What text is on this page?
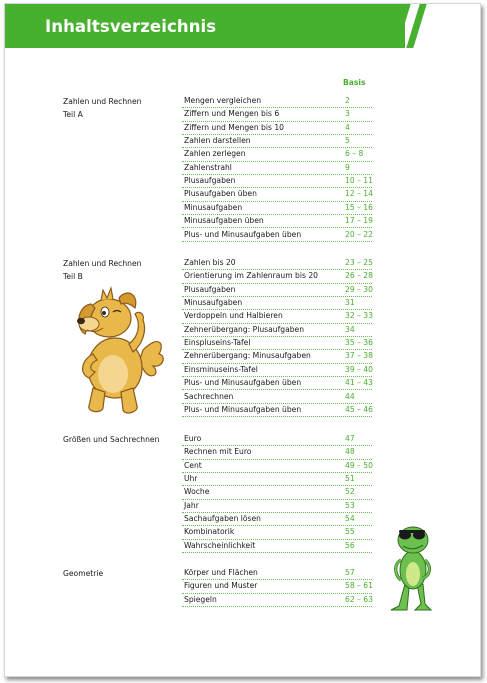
Inhaltsverzeichnis
Basis
Zahlen und Rechnen
Teil A
Mengen vergleichen	2
Ziffern und Mengen bis 6	3
Ziffern und Mengen bis 10	4
Zahlen darstellen	5
Zahlen zerlegen	6 – 8
Zahlenstrahl	9
Plusaufgaben	10 – 11
Plusaufgaben üben	12 – 14
Minusaufgaben	15 – 16
Minusaufgaben üben	17 – 19
Plus- und Minusaufgaben üben	20 – 22
Zahlen und Rechnen
Teil B
Zahlen bis 20	23 – 25
Orientierung im Zahlenraum bis 20	26 – 28
Plusaufgaben	29 – 30
Minusaufgaben	31
Verdoppeln und Halbieren	32 – 33
Zehnerübergang: Plusaufgaben	34
Einspluseins-Tafel	35 – 36
Zehnerübergang: Minusaufgaben	37 – 38
Einsminuseins-Tafel	39 – 40
Plus- und Minusaufgaben üben	41 – 43
Sachrechnen	44
Plus- und Minusaufgaben üben	45 – 46
Größen und Sachrechnen	Euro	47
Rechnen mit Euro	48
Cent	49 – 50
Uhr	51
Woche	52
Jahr	53
Sachaufgaben lösen	54
Kombinatorik	55
Wahrscheinlichkeit	56
Geometrie	Körper und Flächen	57
Figuren und Muster	58 – 61
Spiegeln	62 – 63
